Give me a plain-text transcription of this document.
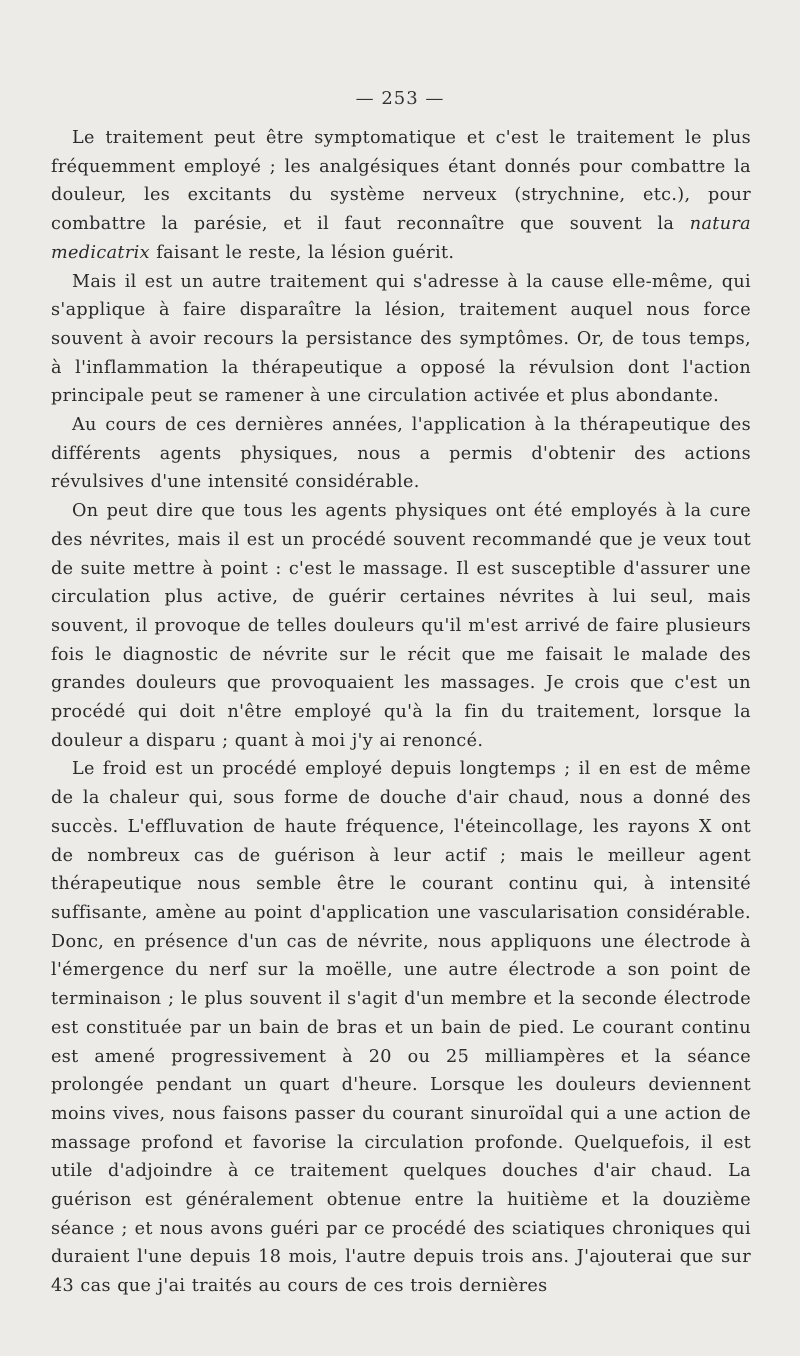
— 253 —

Le traitement peut être symptomatique et c'est le traitement le plus fréquemment employé ; les analgésiques étant donnés pour combattre la douleur, les excitants du système nerveux (strychnine, etc.), pour combattre la parésie, et il faut reconnaître que souvent la natura medicatrix faisant le reste, la lésion guérit.

Mais il est un autre traitement qui s'adresse à la cause elle-même, qui s'applique à faire disparaître la lésion, traitement auquel nous force souvent à avoir recours la persistance des symptômes. Or, de tous temps, à l'inflammation la thérapeutique a opposé la révulsion dont l'action principale peut se ramener à une circulation activée et plus abondante.

Au cours de ces dernières années, l'application à la thérapeutique des différents agents physiques, nous a permis d'obtenir des actions révulsives d'une intensité considérable.

On peut dire que tous les agents physiques ont été employés à la cure des névrites, mais il est un procédé souvent recommandé que je veux tout de suite mettre à point : c'est le massage. Il est susceptible d'assurer une circulation plus active, de guérir certaines névrites à lui seul, mais souvent, il provoque de telles douleurs qu'il m'est arrivé de faire plusieurs fois le diagnostic de névrite sur le récit que me faisait le malade des grandes douleurs que provoquaient les massages. Je crois que c'est un procédé qui doit n'être employé qu'à la fin du traitement, lorsque la douleur a disparu ; quant à moi j'y ai renoncé.

Le froid est un procédé employé depuis longtemps ; il en est de même de la chaleur qui, sous forme de douche d'air chaud, nous a donné des succès. L'effluvation de haute fréquence, l'éteincollage, les rayons X ont de nombreux cas de guérison à leur actif ; mais le meilleur agent thérapeutique nous semble être le courant continu qui, à intensité suffisante, amène au point d'application une vascularisation considérable. Donc, en présence d'un cas de névrite, nous appliquons une électrode à l'émergence du nerf sur la moëlle, une autre électrode a son point de terminaison ; le plus souvent il s'agit d'un membre et la seconde électrode est constituée par un bain de bras et un bain de pied. Le courant continu est amené progressivement à 20 ou 25 milliampères et la séance prolongée pendant un quart d'heure. Lorsque les douleurs deviennent moins vives, nous faisons passer du courant sinuroïdal qui a une action de massage profond et favorise la circulation profonde. Quelquefois, il est utile d'adjoindre à ce traitement quelques douches d'air chaud. La guérison est généralement obtenue entre la huitième et la douzième séance ; et nous avons guéri par ce procédé des sciatiques chroniques qui duraient l'une depuis 18 mois, l'autre depuis trois ans. J'ajouterai que sur 43 cas que j'ai traités au cours de ces trois dernières
